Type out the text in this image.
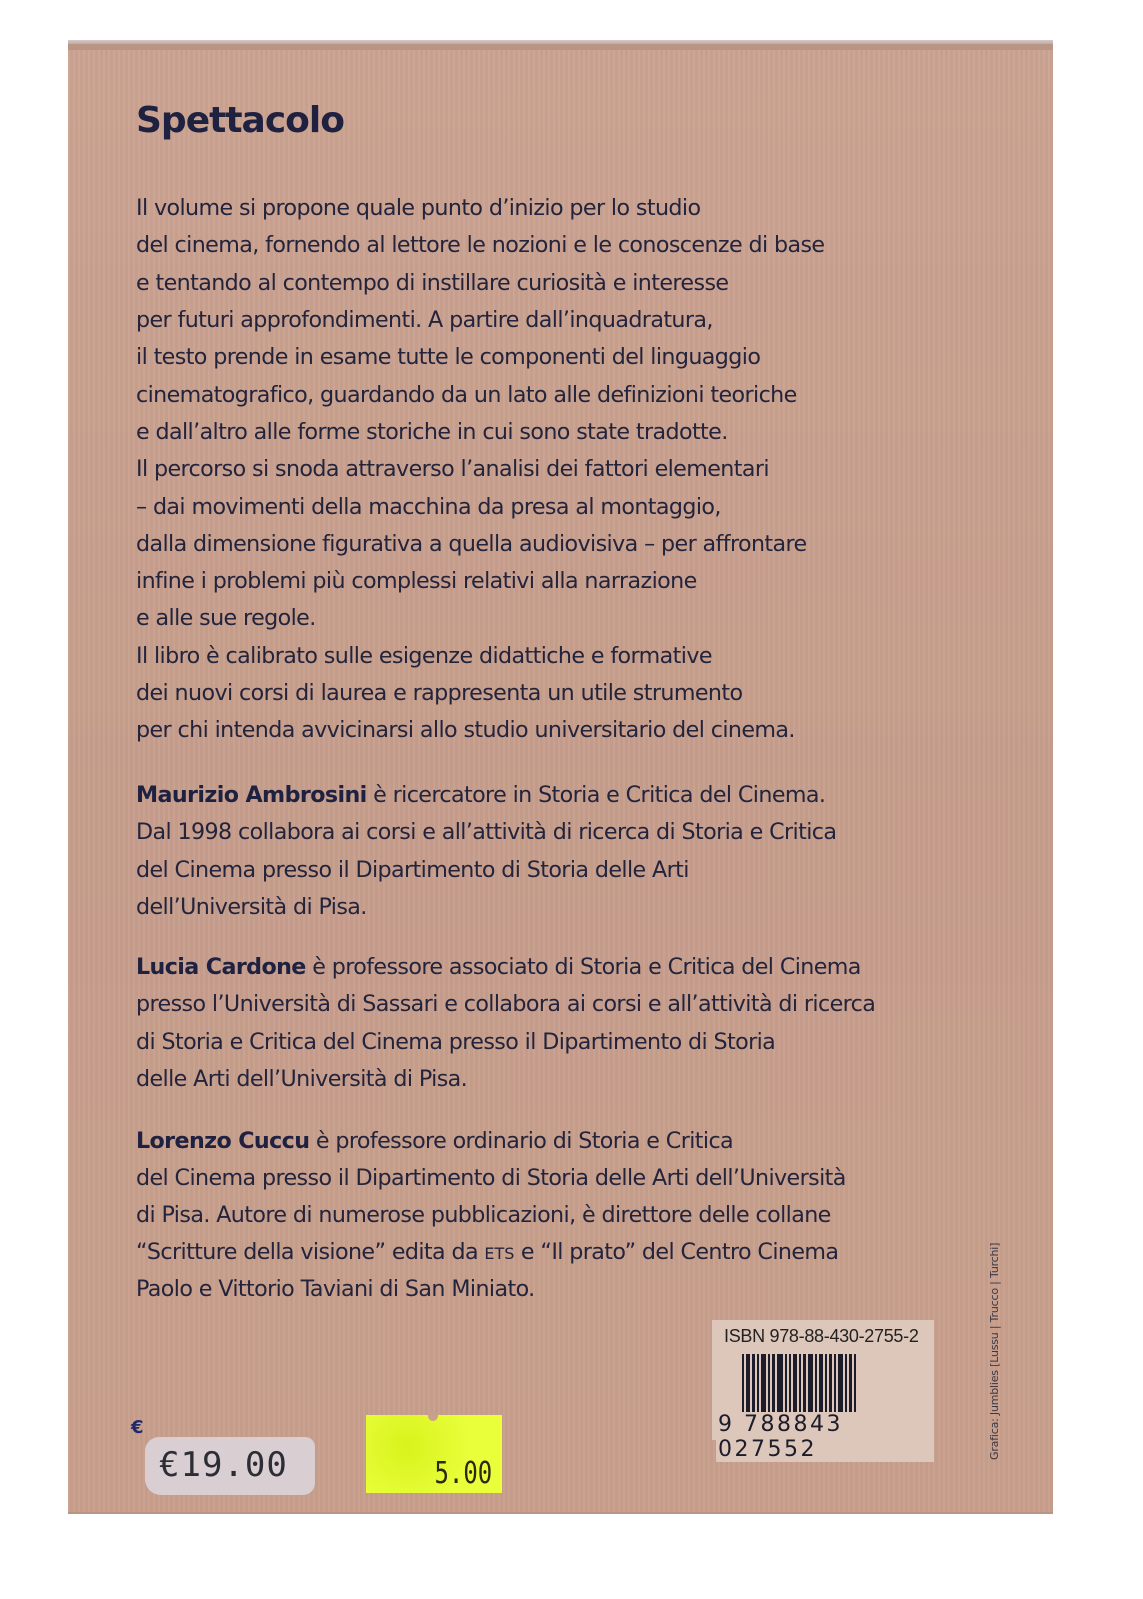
Spettacolo
Il volume si propone quale punto d’inizio per lo studio
del cinema, fornendo al lettore le nozioni e le conoscenze di base
e tentando al contempo di instillare curiosità e interesse
per futuri approfondimenti. A partire dall’inquadratura,
il testo prende in esame tutte le componenti del linguaggio
cinematografico, guardando da un lato alle definizioni teoriche
e dall’altro alle forme storiche in cui sono state tradotte.
Il percorso si snoda attraverso l’analisi dei fattori elementari
– dai movimenti della macchina da presa al montaggio,
dalla dimensione figurativa a quella audiovisiva – per affrontare
infine i problemi più complessi relativi alla narrazione
e alle sue regole.
Il libro è calibrato sulle esigenze didattiche e formative
dei nuovi corsi di laurea e rappresenta un utile strumento
per chi intenda avvicinarsi allo studio universitario del cinema.
Maurizio Ambrosini è ricercatore in Storia e Critica del Cinema.
Dal 1998 collabora ai corsi e all’attività di ricerca di Storia e Critica
del Cinema presso il Dipartimento di Storia delle Arti
dell’Università di Pisa.
Lucia Cardone è professore associato di Storia e Critica del Cinema
presso l’Università di Sassari e collabora ai corsi e all’attività di ricerca
di Storia e Critica del Cinema presso il Dipartimento di Storia
delle Arti dell’Università di Pisa.
Lorenzo Cuccu è professore ordinario di Storia e Critica
del Cinema presso il Dipartimento di Storia delle Arti dell’Università
di Pisa. Autore di numerose pubblicazioni, è direttore delle collane
“Scritture della visione” edita da ETS e “Il prato” del Centro Cinema
Paolo e Vittorio Taviani di San Miniato.
ISBN 978-88-430-2755-2
9 788843 027552	Grafica: Jumblies [Lussu | Trucco | Turchi]
€
€19.00	5.00
